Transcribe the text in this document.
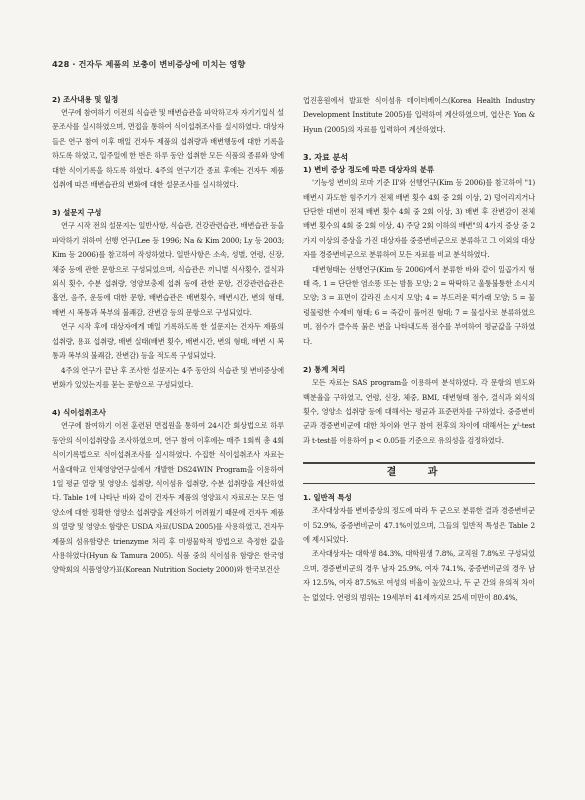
428 · 건자두 제품의 보충이 변비증상에 미치는 영향
2) 조사내용 및 일정

연구에 참여하기 이전의 식습관 및 배변습관을 파악하고자 자기기입식 설문조사를 실시하였으며, 면접을 통하여 식이섭취조사를 실시하였다. 대상자들은 연구 참여 이후 매일 건자두 제품의 섭취량과 배변행동에 대한 기록을 하도록 하였고, 일주일에 한 번은 하루 동안 섭취한 모든 식품의 종류와 양에 대한 식이기록을 하도록 하였다. 4주의 연구기간 종료 후에는 건자두 제품 섭취에 따른 배변습관의 변화에 대한 설문조사를 실시하였다.

3) 설문지 구성

연구 시작 전의 설문지는 일반사항, 식습관, 건강관련습관, 배변습관 등을 파악하기 위하여 선행 연구(Lee 등 1996; Na & Kim 2000; Ly 등 2003; Kim 등 2006)를 참고하여 작성하였다. 일반사항은 소속, 성별, 연령, 신장, 체중 등에 관한 문항으로 구성되었으며, 식습관은 끼니별 식사횟수, 결식과 외식 횟수, 수분 섭취량, 영양보충제 섭취 등에 관한 문항, 건강관련습관은 흡연, 음주, 운동에 대한 문항, 배변습관은 배변횟수, 배변시간, 변의 형태, 배변 시 복통과 복부의 불쾌감, 잔변감 등의 문항으로 구성되었다.

연구 시작 후에 대상자에게 매일 기록하도록 한 설문지는 건자두 제품의 섭취량, 용표 섭취량, 배변 실태(배변 횟수, 배변시간, 변의 형태, 배변 시 복통과 복부의 불쾌감, 잔변감) 등을 적도록 구성되었다.

4주의 연구가 끝난 후 조사한 설문지는 4주 동안의 식습관 및 변비증상에 변화가 있었는지를 묻는 문항으로 구성되었다.

4) 식이섭취조사

연구에 참여하기 이전 훈련된 면접원을 통하여 24시간 회상법으로 하루 동안의 식이섭취량을 조사하였으며, 연구 참여 이후에는 매주 1회씩 총 4회 식이기록법으로 식이섭취조사를 실시하였다. 수집한 식이섭취조사 자료는 서울대학교 인체영양연구실에서 개발한 DS24WIN Program을 이용하여 1일 평균 열량 및 영양소 섭취량, 식이섬유 섭취량, 수분 섭취량을 계산하였다. Table 1에 나타난 바와 같이 건자두 제품의 영양표시 자료로는 모든 영양소에 대한 정확한 영양소 섭취량을 계산하기 어려웠기 때문에 건자두 제품의 열량 및 영양소 함량은 USDA 자료(USDA 2005)를 사용하였고, 건자두 제품의 섬유함량은 trienzyme 처리 후 미생물학적 방법으로 측정한 값을 사용하였다(Hyun & Tamura 2005). 식품 중의 식이섬유 함량은 한국영양학회의 식품영양가표(Korean Nutrition Society 2000)와 한국보건산

업진흥원에서 발표한 식이섬유 데이터베이스(Korea Health Industry Development Institute 2005)를 입력하여 계산하였으며, 엽산은 Yon & Hyun (2005)의 자료를 입력하여 계산하였다.

3. 자료 분석
1) 변비 증상 정도에 따른 대상자의 분류

'기능성 변비의 로마 기준 II'와 선행연구(Kim 등 2006)를 참고하여 "1) 배변시 과도한 힘주기가 전체 배변 횟수 4회 중 2회 이상, 2) 덩어리지거나 단단한 대변이 전체 배변 횟수 4회 중 2회 이상, 3) 배변 후 잔변감이 전체 배변 횟수의 4회 중 2회 이상, 4) 주당 2회 이하의 배변"의 4가지 증상 중 2가지 이상의 증상을 가진 대상자를 중증변비군으로 분류하고 그 이외의 대상자를 경증변비군으로 분류하여 모든 자료를 비교 분석하였다.

대변형태는 선행연구(Kim 등 2006)에서 분류한 바와 같이 일곱가지 형태 즉, 1 = 단단한 염소똥 또는 밤톨 모양; 2 = 딱딱하고 울퉁불퉁한 소시지 모양; 3 = 표면이 갈라진 소시지 모양; 4 = 부드러운 떡가래 모양; 5 = 물렁물렁한 수제비 형태; 6 = 죽같이 풀어진 형태; 7 = 물설사로 분류하였으며, 점수가 클수록 묽은 변을 나타내도록 점수를 부여하여 평균값을 구하였다.

2) 통계 처리

모든 자료는 SAS program을 이용하여 분석하였다. 각 문항의 빈도와 백분율을 구하였고, 연령, 신장, 체중, BMI, 대변형태 점수, 결식과 외식의 횟수, 영양소 섭취량 등에 대해서는 평균과 표준편차를 구하였다. 중증변비군과 경증변비군에 대한 차이와 연구 참여 전후의 차이에 대해서는 χ²-test과 t-test를 이용하여 p < 0.05를 기준으로 유의성을 검정하였다.

결 과
1. 일반적 특성

조사대상자를 변비증상의 정도에 따라 두 군으로 분류한 결과 경증변비군이 52.9%, 중증변비군이 47.1%이었으며, 그들의 일반적 특성은 Table 2에 제시되었다.

조사대상자는 대학생 84.3%, 대학원생 7.8%, 교직원 7.8%로 구성되었으며, 경증변비군의 경우 남자 25.9%, 여자 74.1%, 중증변비군의 경우 남자 12.5%, 여자 87.5%로 여성의 비율이 높았으나, 두 군 간의 유의적 차이는 없었다. 연령의 범위는 19세부터 41세까지로 25세 미만이 80.4%,
